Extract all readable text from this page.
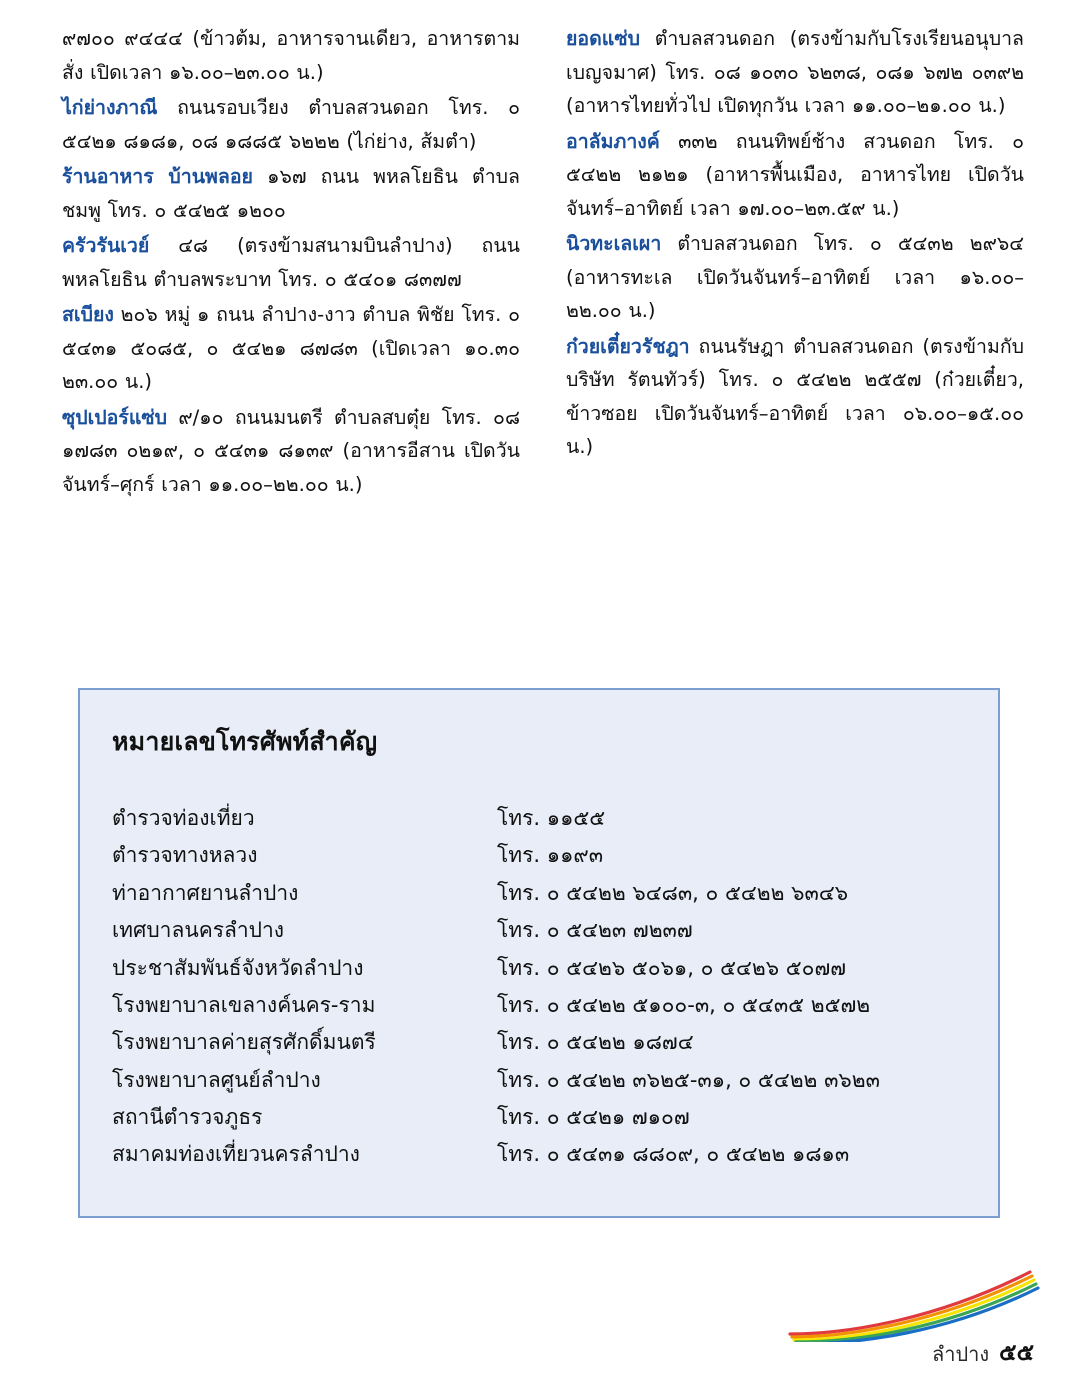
๙๗๐๐ ๙๔๔๔ (ข้าวต้ม, อาหารจานเดียว, อาหารตามสั่ง เปิดเวลา ๑๖.๐๐–๒๓.๐๐ น.)

ไก่ย่างภาณี ถนนรอบเวียง ตำบลสวนดอก โทร. ๐ ๕๔๒๑ ๘๑๘๑, ๐๘ ๑๘๘๕ ๖๒๒๒ (ไก่ย่าง, ส้มตำ)

ร้านอาหาร บ้านพลอย ๑๖๗ ถนน พหลโยธิน ตำบลชมพู โทร. ๐ ๕๔๒๕ ๑๒๐๐

ครัวรันเวย์ ๔๘ (ตรงข้ามสนามบินลำปาง) ถนนพหลโยธิน ตำบลพระบาท โทร. ๐ ๕๔๐๑ ๘๓๗๗

สเบียง ๒๐๖ หมู่ ๑ ถนน ลำปาง-งาว ตำบล พิชัย โทร. ๐ ๕๔๓๑ ๕๐๘๕, ๐ ๕๔๒๑ ๘๗๘๓ (เปิดเวลา ๑๐.๓๐ ๒๓.๐๐ น.)

ซุปเปอร์แซ่บ ๙/๑๐ ถนนมนตรี ตำบลสบตุ๋ย โทร. ๐๘ ๑๗๘๓ ๐๒๑๙, ๐ ๕๔๓๑ ๘๑๓๙ (อาหารอีสาน เปิดวันจันทร์–ศุกร์ เวลา ๑๑.๐๐–๒๒.๐๐ น.)

ยอดแซ่บ ตำบลสวนดอก (ตรงข้ามกับโรงเรียนอนุบาลเบญจมาศ) โทร. ๐๘ ๑๐๓๐ ๖๒๓๘, ๐๘๑ ๖๗๒ ๐๓๙๒ (อาหารไทยทั่วไป เปิดทุกวัน เวลา ๑๑.๐๐–๒๑.๐๐ น.)

อาลัมภางค์ ๓๓๒ ถนนทิพย์ช้าง สวนดอก โทร. ๐ ๕๔๒๒ ๒๑๒๑ (อาหารพื้นเมือง, อาหารไทย เปิดวันจันทร์–อาทิตย์ เวลา ๑๗.๐๐–๒๓.๕๙ น.)

นิวทะเลเผา ตำบลสวนดอก โทร. ๐ ๕๔๓๒ ๒๙๖๔ (อาหารทะเล เปิดวันจันทร์–อาทิตย์ เวลา ๑๖.๐๐–๒๒.๐๐ น.)

ก๋วยเตี๋ยวรัชฎา ถนนรัษฎา ตำบลสวนดอก (ตรงข้ามกับบริษัท รัตนทัวร์) โทร. ๐ ๕๔๒๒ ๒๕๕๗ (ก๋วยเตี๋ยว, ข้าวซอย เปิดวันจันทร์–อาทิตย์ เวลา ๐๖.๐๐–๑๕.๐๐ น.)

หมายเลขโทรศัพท์สำคัญ
ตำรวจท่องเที่ยว	โทร. ๑๑๕๕
ตำรวจทางหลวง	โทร. ๑๑๙๓
ท่าอากาศยานลำปาง	โทร. ๐ ๕๔๒๒ ๖๔๘๓, ๐ ๕๔๒๒ ๖๓๔๖
เทศบาลนครลำปาง	โทร. ๐ ๕๔๒๓ ๗๒๓๗
ประชาสัมพันธ์จังหวัดลำปาง	โทร. ๐ ๕๔๒๖ ๕๐๖๑, ๐ ๕๔๒๖ ๕๐๗๗
โรงพยาบาลเขลางค์นคร-ราม	โทร. ๐ ๕๔๒๒ ๕๑๐๐-๓, ๐ ๕๔๓๕ ๒๕๗๒
โรงพยาบาลค่ายสุรศักดิ์มนตรี	โทร. ๐ ๕๔๒๒ ๑๘๗๔
โรงพยาบาลศูนย์ลำปาง	โทร. ๐ ๕๔๒๒ ๓๖๒๕-๓๑, ๐ ๕๔๒๒ ๓๖๒๓
สถานีตำรวจภูธร	โทร. ๐ ๕๔๒๑ ๗๑๐๗
สมาคมท่องเที่ยวนครลำปาง	โทร. ๐ ๕๔๓๑ ๘๘๐๙, ๐ ๕๔๒๒ ๑๘๑๓
ลำปาง ๕๕
